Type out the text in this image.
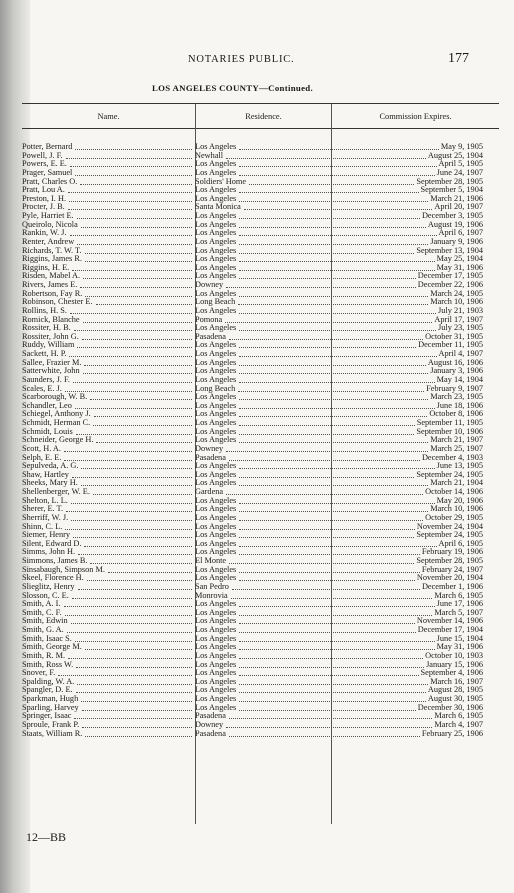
NOTARIES PUBLIC.	177
LOS ANGELES COUNTY—Continued.
Name.	Residence.	Commission Expires.
Potter, Bernard	Los Angeles	May 9, 1905
Powell, J. F.	Newhall	August 25, 1904
Powers, E. E.	Los Angeles	April 5, 1905
Prager, Samuel	Los Angeles	June 24, 1907
Pratt, Charles O.	Soldiers' Home	September 28, 1905
Pratt, Lou A.	Los Angeles	September 5, 1904
Preston, I. H.	Los Angeles	March 21, 1906
Procter, J. B.	Santa Monica	April 20, 1907
Pyle, Harriet E.	Los Angeles	December 3, 1905
Queirolo, Nicola	Los Angeles	August 19, 1906
Rankin, W. J.	Los Angeles	April 6, 1907
Renter, Andrew	Los Angeles	January 9, 1906
Richards, T. W. T.	Los Angeles	September 13, 1904
Riggins, James R.	Los Angeles	May 25, 1904
Riggins, H. E.	Los Angeles	May 31, 1906
Risden, Mabel A.	Los Angeles	December 17, 1905
Rivers, James E.	Downey	December 22, 1906
Robertson, Fay R.	Los Angeles	March 24, 1905
Robinson, Chester E.	Long Beach	March 10, 1906
Rollins, H. S.	Los Angeles	July 21, 1903
Romick, Blanche	Pomona	April 17, 1907
Rossiter, H. B.	Los Angeles	July 23, 1905
Rossiter, John G.	Pasadena	October 31, 1905
Ruddy, William	Los Angeles	December 11, 1905
Sackett, H. P.	Los Angeles	April 4, 1907
Sallee, Frazier M.	Los Angeles	August 16, 1906
Satterwhite, John	Los Angeles	January 3, 1906
Saunders, J. F.	Los Angeles	May 14, 1904
Scales, E. J.	Long Beach	February 9, 1907
Scarborough, W. B.	Los Angeles	March 23, 1905
Schandler, Leo	Los Angeles	June 18, 1906
Schiegel, Anthony J.	Los Angeles	October 8, 1906
Schmidt, Herman C.	Los Angeles	September 11, 1905
Schmidt, Louis	Los Angeles	September 10, 1906
Schneider, George H.	Los Angeles	March 21, 1907
Scott, H. A.	Downey	March 25, 1907
Selph, E. E.	Pasadena	December 4, 1903
Sepulveda, A. G.	Los Angeles	June 13, 1905
Shaw, Hartley	Los Angeles	September 24, 1905
Sheeks, Mary H.	Los Angeles	March 21, 1904
Shellenberger, W. E.	Gardena	October 14, 1906
Shelton, L. L.	Los Angeles	May 20, 1906
Sherer, E. T.	Los Angeles	March 10, 1906
Sherriff, W. J.	Los Angeles	October 29, 1905
Shinn, C. L.	Los Angeles	November 24, 1904
Siemer, Henry	Los Angeles	September 24, 1905
Silent, Edward D.	Los Angeles	April 6, 1905
Simms, John H.	Los Angeles	February 19, 1906
Simmons, James B.	El Monte	September 28, 1905
Sinsabaugh, Simpson M.	Los Angeles	February 24, 1907
Skeel, Florence H.	Los Angeles	November 20, 1904
Slieglitz, Henry	San Pedro	December 1, 1906
Slosson, C. E.	Monrovia	March 6, 1905
Smith, A. I.	Los Angeles	June 17, 1906
Smith, C. F.	Los Angeles	March 5, 1907
Smith, Edwin	Los Angeles	November 14, 1906
Smith, G. A.	Los Angeles	December 17, 1904
Smith, Isaac S.	Los Angeles	June 15, 1904
Smith, George M.	Los Angeles	May 31, 1906
Smith, R. M.	Los Angeles	October 10, 1903
Smith, Ross W.	Los Angeles	January 15, 1906
Snover, F.	Los Angeles	September 4, 1906
Spalding, W. A.	Los Angeles	March 16, 1907
Spangler, D. E.	Los Angeles	August 28, 1905
Sparkman, Hugh	Los Angeles	August 30, 1905
Sparling, Harvey	Los Angeles	December 30, 1906
Springer, Isaac	Pasadena	March 6, 1905
Sproule, Frank P.	Downey	March 4, 1907
Staats, William R.	Pasadena	February 25, 1906
12—BB
